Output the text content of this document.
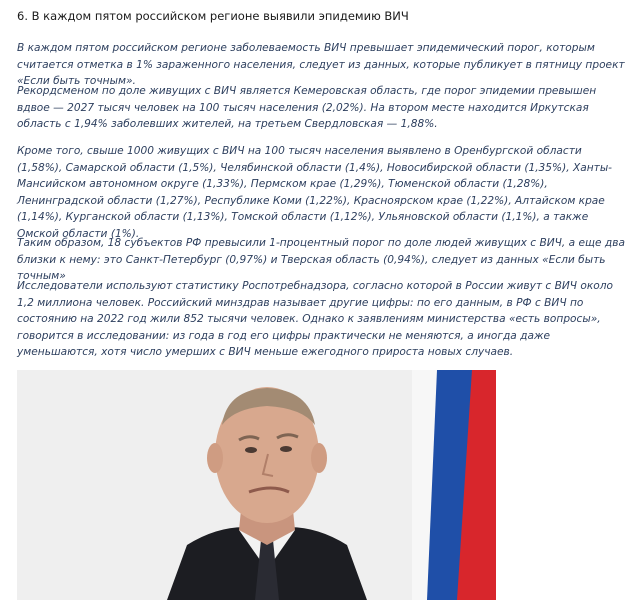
6. В каждом пятом российском регионе выявили эпидемию ВИЧ

В каждом пятом российском регионе заболеваемость ВИЧ превышает эпидемический порог, которым считается отметка в 1% зараженного населения, следует из данных, которые публикует в пятницу проект «Если быть точным».

Рекордсменом по доле живущих с ВИЧ является Кемеровская область, где порог эпидемии превышен вдвое — 2027 тысяч человек на 100 тысяч населения (2,02%). На втором месте находится Иркутская область с 1,94% заболевших жителей, на третьем Свердловская — 1,88%.

Кроме того, свыше 1000 живущих с ВИЧ на 100 тысяч населения выявлено в Оренбургской области (1,58%), Самарской области (1,5%), Челябинской области (1,4%), Новосибирской области (1,35%), Ханты-Мансийском автономном округе (1,33%), Пермском крае (1,29%), Тюменской области (1,28%), Ленинградской области (1,27%), Республике Коми (1,22%), Красноярском крае (1,22%), Алтайском крае (1,14%), Курганской области (1,13%), Томской области (1,12%), Ульяновской области (1,1%), а также Омской области (1%).

Таким образом, 18 субъектов РФ превысили 1-процентный порог по доле людей живущих с ВИЧ, а еще два близки к нему: это Санкт-Петербург (0,97%) и Тверская область (0,94%), следует из данных «Если быть точным»

Исследователи используют статистику Роспотребнадзора, согласно которой в России живут с ВИЧ около 1,2 миллиона человек. Российский минздрав называет другие цифры: по его данным, в РФ с ВИЧ по состоянию на 2022 год жили 852 тысячи человек. Однако к заявлениям министерства «есть вопросы», говорится в исследовании: из года в год его цифры практически не меняются, а иногда даже уменьшаются, хотя число умерших с ВИЧ меньше ежегодного прироста новых случаев.
